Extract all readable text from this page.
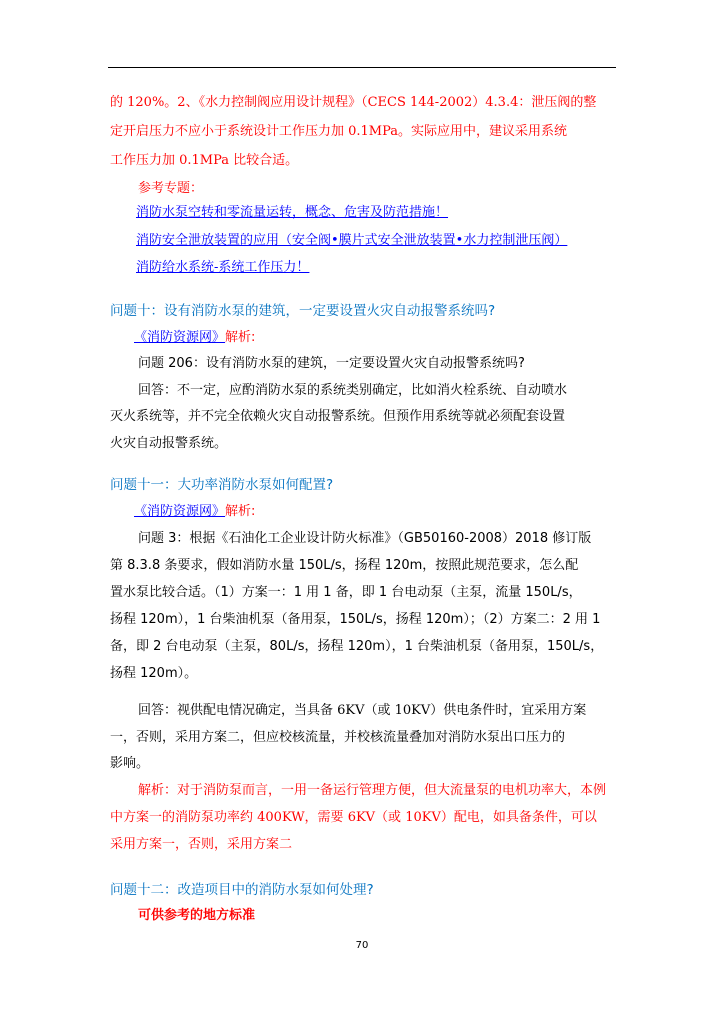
的 120%。2、《水力控制阀应用设计规程》（CECS 144-2002）4.3.4：泄压阀的整
定开启压力不应小于系统设计工作压力加 0.1MPa。实际应用中，建议采用系统
工作压力加 0.1MPa 比较合适。
参考专题：
消防水泵空转和零流量运转，概念、危害及防范措施！
消防安全泄放装置的应用（安全阀•膜片式安全泄放装置•水力控制泄压阀）
消防给水系统-系统工作压力！
问题十：设有消防水泵的建筑，一定要设置火灾自动报警系统吗?
《消防资源网》解析:
问题 206：设有消防水泵的建筑，一定要设置火灾自动报警系统吗?
回答：不一定，应酌消防水泵的系统类别确定，比如消火栓系统、自动喷水
灭火系统等，并不完全依赖火灾自动报警系统。但预作用系统等就必须配套设置
火灾自动报警系统。
问题十一：大功率消防水泵如何配置?
《消防资源网》解析:
问题 3：根据《石油化工企业设计防火标准》（GB50160-2008）2018 修订版
第 8.3.8 条要求，假如消防水量 150L/s，扬程 120m，按照此规范要求，怎么配
置水泵比较合适。（1）方案一：1 用 1 备，即 1 台电动泵（主泵，流量 150L/s，
扬程 120m），1 台柴油机泵（备用泵，150L/s，扬程 120m）；（2）方案二：2 用 1
备，即 2 台电动泵（主泵，80L/s，扬程 120m），1 台柴油机泵（备用泵，150L/s，
扬程 120m）。
回答：视供配电情况确定，当具备 6KV（或 10KV）供电条件时，宜采用方案
一，否则，采用方案二，但应校核流量，并校核流量叠加对消防水泵出口压力的
影响。
解析：对于消防泵而言，一用一备运行管理方便，但大流量泵的电机功率大，本例
中方案一的消防泵功率约 400KW，需要 6KV（或 10KV）配电，如具备条件，可以
采用方案一，否则，采用方案二
问题十二：改造项目中的消防水泵如何处理?
可供参考的地方标准
70
